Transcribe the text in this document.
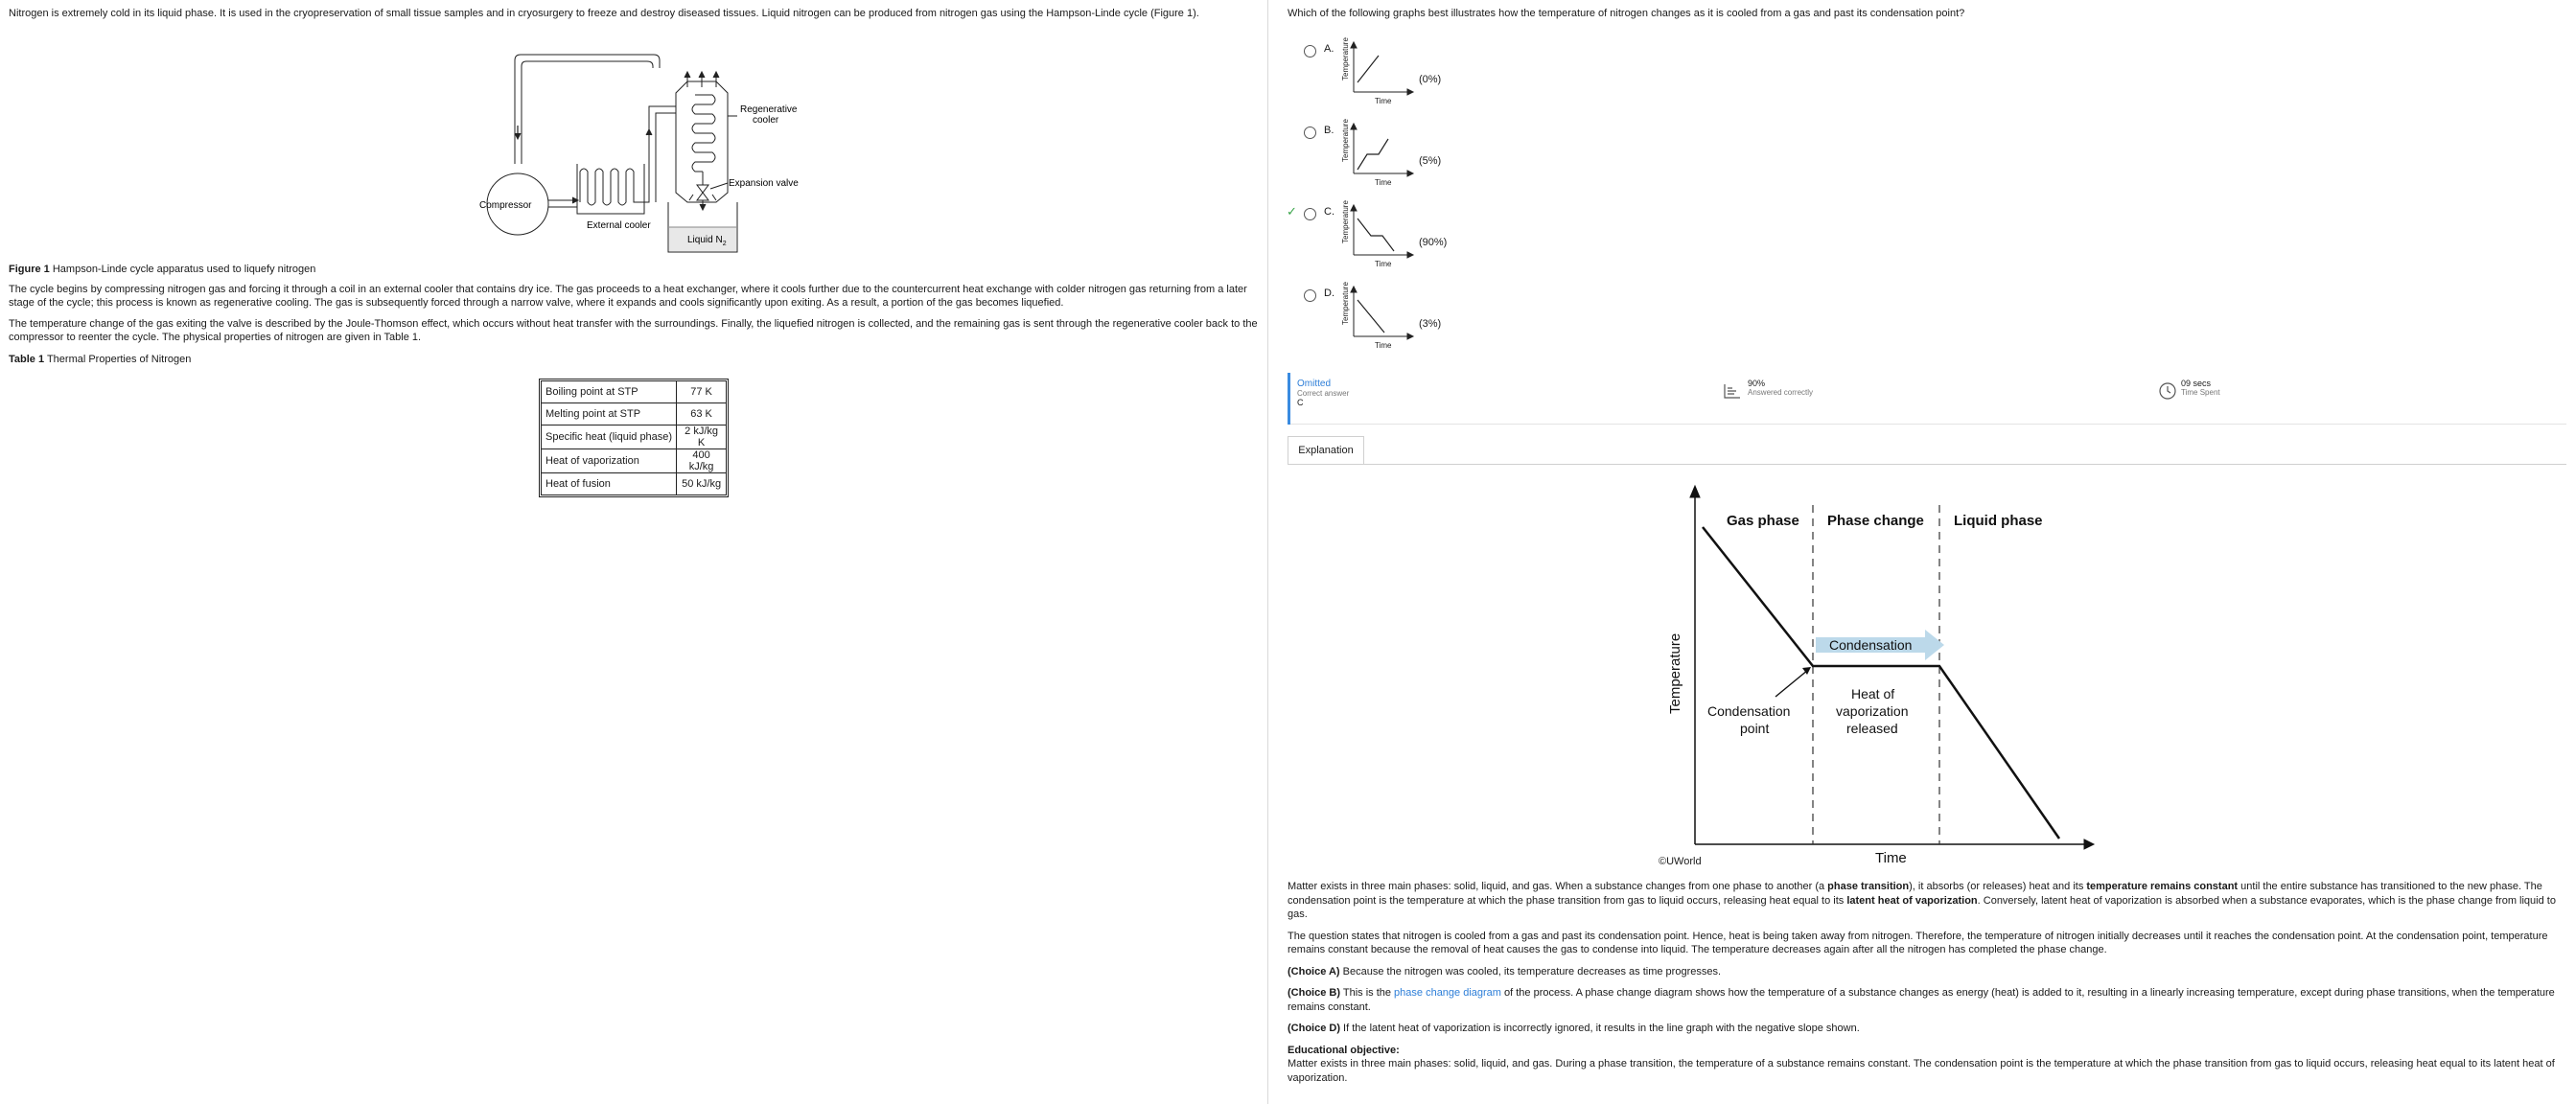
Nitrogen is extremely cold in its liquid phase. It is used in the cryopreservation of small tissue samples and in cryosurgery to freeze and destroy diseased tissues. Liquid nitrogen can be produced from nitrogen gas using the Hampson-Linde cycle (Figure 1).

Compressor
External cooler
Regenerative
cooler
Expansion valve
Liquid $N_2$
Figure 1 Hampson-Linde cycle apparatus used to liquefy nitrogen

The cycle begins by compressing nitrogen gas and forcing it through a coil in an external cooler that contains dry ice. The gas proceeds to a heat exchanger, where it cools further due to the countercurrent heat exchange with colder nitrogen gas returning from a later stage of the cycle; this process is known as regenerative cooling. The gas is subsequently forced through a narrow valve, where it expands and cools significantly upon exiting. As a result, a portion of the gas becomes liquefied.

The temperature change of the gas exiting the valve is described by the Joule-Thomson effect, which occurs without heat transfer with the surroundings. Finally, the liquefied nitrogen is collected, and the remaining gas is sent through the regenerative cooler back to the compressor to reenter the cycle. The physical properties of nitrogen are given in Table 1.

Table 1 Thermal Properties of Nitrogen
Boiling point at STP	77 K
Melting point at STP	63 K
Specific heat (liquid phase)	2 kJ/kg K
Heat of vaporization	400 kJ/kg
Heat of fusion	50 kJ/kg

Which of the following graphs best illustrates how the temperature of nitrogen changes as it is cooled from a gas and past its condensation point?

A. Temperature
Time
(0%)
B. Temperature
Time
(5%)
✓	C. Temperature
Time
(90%)
D. Temperature
Time
(3%)
Omitted
Correct answer
C
90%
Answered correctly
09 secs
Time Spent
Explanation
Gas phase Phase change Liquid phase
Condensation
Heat of
vaporization
released
Condensation
point
Temperature
Time
©UWorld

Matter exists in three main phases: solid, liquid, and gas. When a substance changes from one phase to another (a phase transition), it absorbs (or releases) heat and its temperature remains constant until the entire substance has transitioned to the new phase. The condensation point is the temperature at which the phase transition from gas to liquid occurs, releasing heat equal to its latent heat of vaporization. Conversely, latent heat of vaporization is absorbed when a substance evaporates, which is the phase change from liquid to gas.

The question states that nitrogen is cooled from a gas and past its condensation point. Hence, heat is being taken away from nitrogen. Therefore, the temperature of nitrogen initially decreases until it reaches the condensation point. At the condensation point, temperature remains constant because the removal of heat causes the gas to condense into liquid. The temperature decreases again after all the nitrogen has completed the phase change.

(Choice A) Because the nitrogen was cooled, its temperature decreases as time progresses.

(Choice B) This is the phase change diagram of the process. A phase change diagram shows how the temperature of a substance changes as energy (heat) is added to it, resulting in a linearly increasing temperature, except during phase transitions, when the temperature remains constant.

(Choice D) If the latent heat of vaporization is incorrectly ignored, it results in the line graph with the negative slope shown.

Educational objective:

Matter exists in three main phases: solid, liquid, and gas. During a phase transition, the temperature of a substance remains constant. The condensation point is the temperature at which the phase transition from gas to liquid occurs, releasing heat equal to its latent heat of vaporization.
